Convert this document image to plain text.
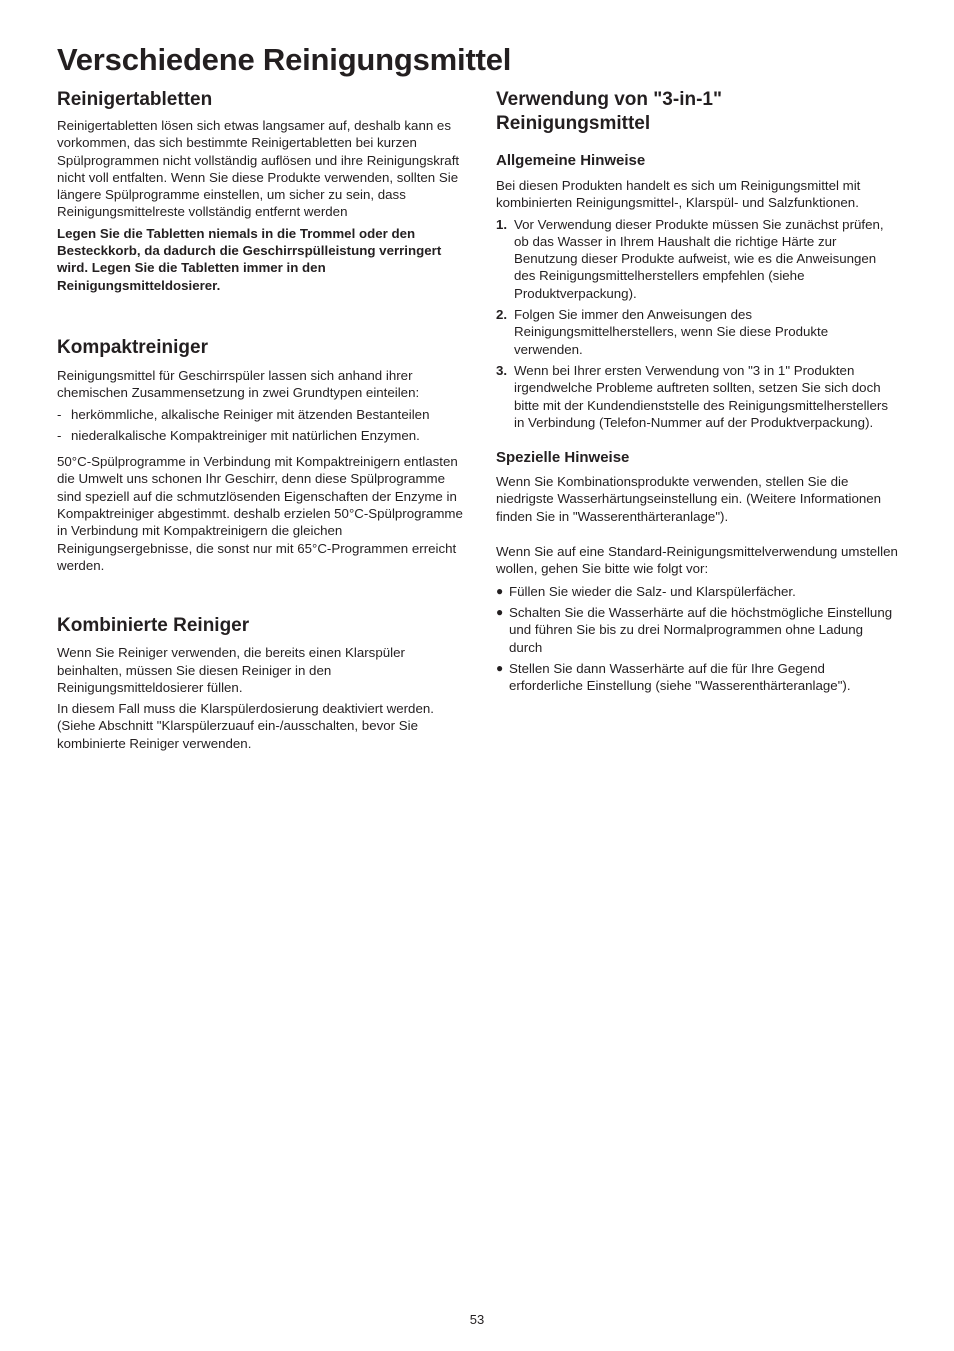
Verschiedene Reinigungsmittel
Reinigertabletten

Reinigertabletten lösen sich etwas langsamer auf, deshalb kann es vorkommen, das sich bestimmte Reinigertabletten bei kurzen Spülprogrammen nicht vollständig auflösen und ihre Reinigungskraft nicht voll entfalten. Wenn Sie diese Produkte verwenden, sollten Sie längere Spülprogramme einstellen, um sicher zu sein, dass Reinigungsmittelreste vollständig entfernt werden

Legen Sie die Tabletten niemals in die Trommel oder den Besteckkorb, da dadurch die Geschirrspülleistung verringert wird. Legen Sie die Tabletten immer in den Reinigungsmitteldosierer.

Kompaktreiniger

Reinigungsmittel für Geschirrspüler lassen sich anhand ihrer chemischen Zusammensetzung in zwei Grundtypen einteilen:

- herkömmliche, alkalische Reiniger mit ätzenden Bestanteilen
- niederalkalische Kompaktreiniger mit natürlichen Enzymen.

50°C-Spülprogramme in Verbindung mit Kompaktreinigern entlasten die Umwelt uns schonen Ihr Geschirr, denn diese Spülprogramme sind speziell auf die schmutzlösenden Eigenschaften der Enzyme in Kompaktreiniger abgestimmt. deshalb erzielen 50°C-Spülprogramme in Verbindung mit Kompaktreinigern die gleichen Reinigungsergebnisse, die sonst nur mit 65°C-Programmen erreicht werden.

Kombinierte Reiniger

Wenn Sie Reiniger verwenden, die bereits einen Klarspüler beinhalten, müssen Sie diesen Reiniger in den Reinigungsmitteldosierer füllen.

In diesem Fall muss die Klarspülerdosierung deaktiviert werden. (Siehe Abschnitt "Klarspülerzuauf ein-/ausschalten, bevor Sie kombinierte Reiniger verwenden.

Verwendung von "3-in-1"
Reinigungsmittel
Allgemeine Hinweise

Bei diesen Produkten handelt es sich um Reinigungsmittel mit kombinierten Reinigungsmittel-, Klarspül- und Salzfunktionen.

1. Vor Verwendung dieser Produkte müssen Sie zunächst prüfen, ob das Wasser in Ihrem Haushalt die richtige Härte zur Benutzung dieser Produkte aufweist, wie es die Anweisungen des Reinigungsmittelherstellers empfehlen (siehe Produktverpackung).
2. Folgen Sie immer den Anweisungen des Reinigungsmittelherstellers, wenn Sie diese Produkte verwenden.
3. Wenn bei Ihrer ersten Verwendung von "3 in 1" Produkten irgendwelche Probleme auftreten sollten, setzen Sie sich doch bitte mit der Kundendienststelle des Reinigungsmittelherstellers in Verbindung (Telefon-Nummer auf der Produktverpackung).
Spezielle Hinweise

Wenn Sie Kombinationsprodukte verwenden, stellen Sie die niedrigste Wasserhärtungseinstellung ein. (Weitere Informationen finden Sie in "Wasserenthärteranlage").

Wenn Sie auf eine Standard-Reinigungsmittelverwendung umstellen wollen, gehen Sie bitte wie folgt vor:

● Füllen Sie wieder die Salz- und Klarspülerfächer.
● Schalten Sie die Wasserhärte auf die höchstmögliche Einstellung und führen Sie bis zu drei Normalprogrammen ohne Ladung durch
● Stellen Sie dann Wasserhärte auf die für Ihre Gegend erforderliche Einstellung (siehe "Wasserenthärteranlage").

53
